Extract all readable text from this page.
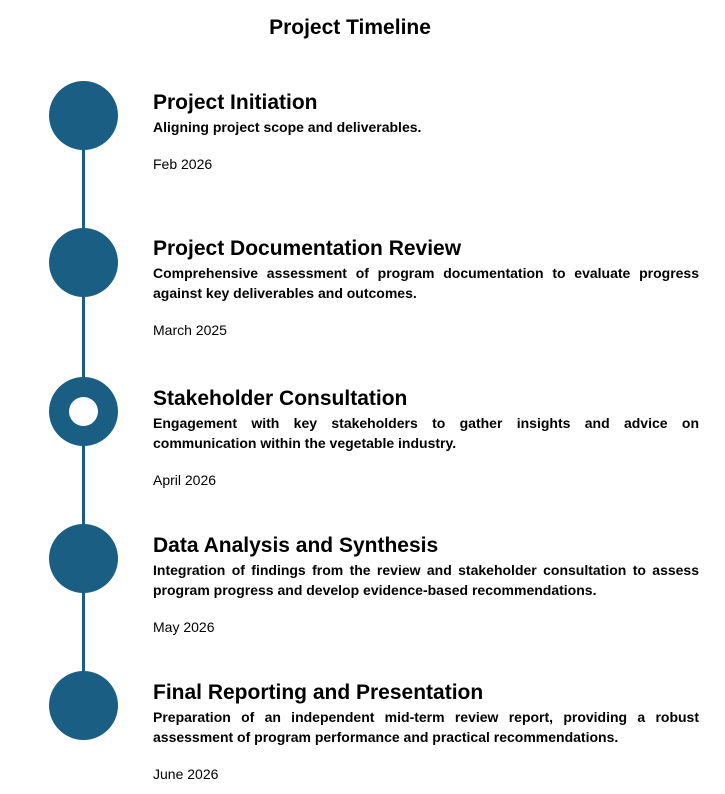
Project Timeline
Project Initiation
Aligning project scope and deliverables.
Feb 2026
Project Documentation Review
Comprehensive assessment of program documentation to evaluate progress against key deliverables and outcomes.
March 2025
Stakeholder Consultation
Engagement with key stakeholders to gather insights and advice on communication within the vegetable industry.
April 2026
Data Analysis and Synthesis
Integration of findings from the review and stakeholder consultation to assess program progress and develop evidence-based recommendations.
May 2026
Final Reporting and Presentation
Preparation of an independent mid-term review report, providing a robust assessment of program performance and practical recommendations.
June 2026
